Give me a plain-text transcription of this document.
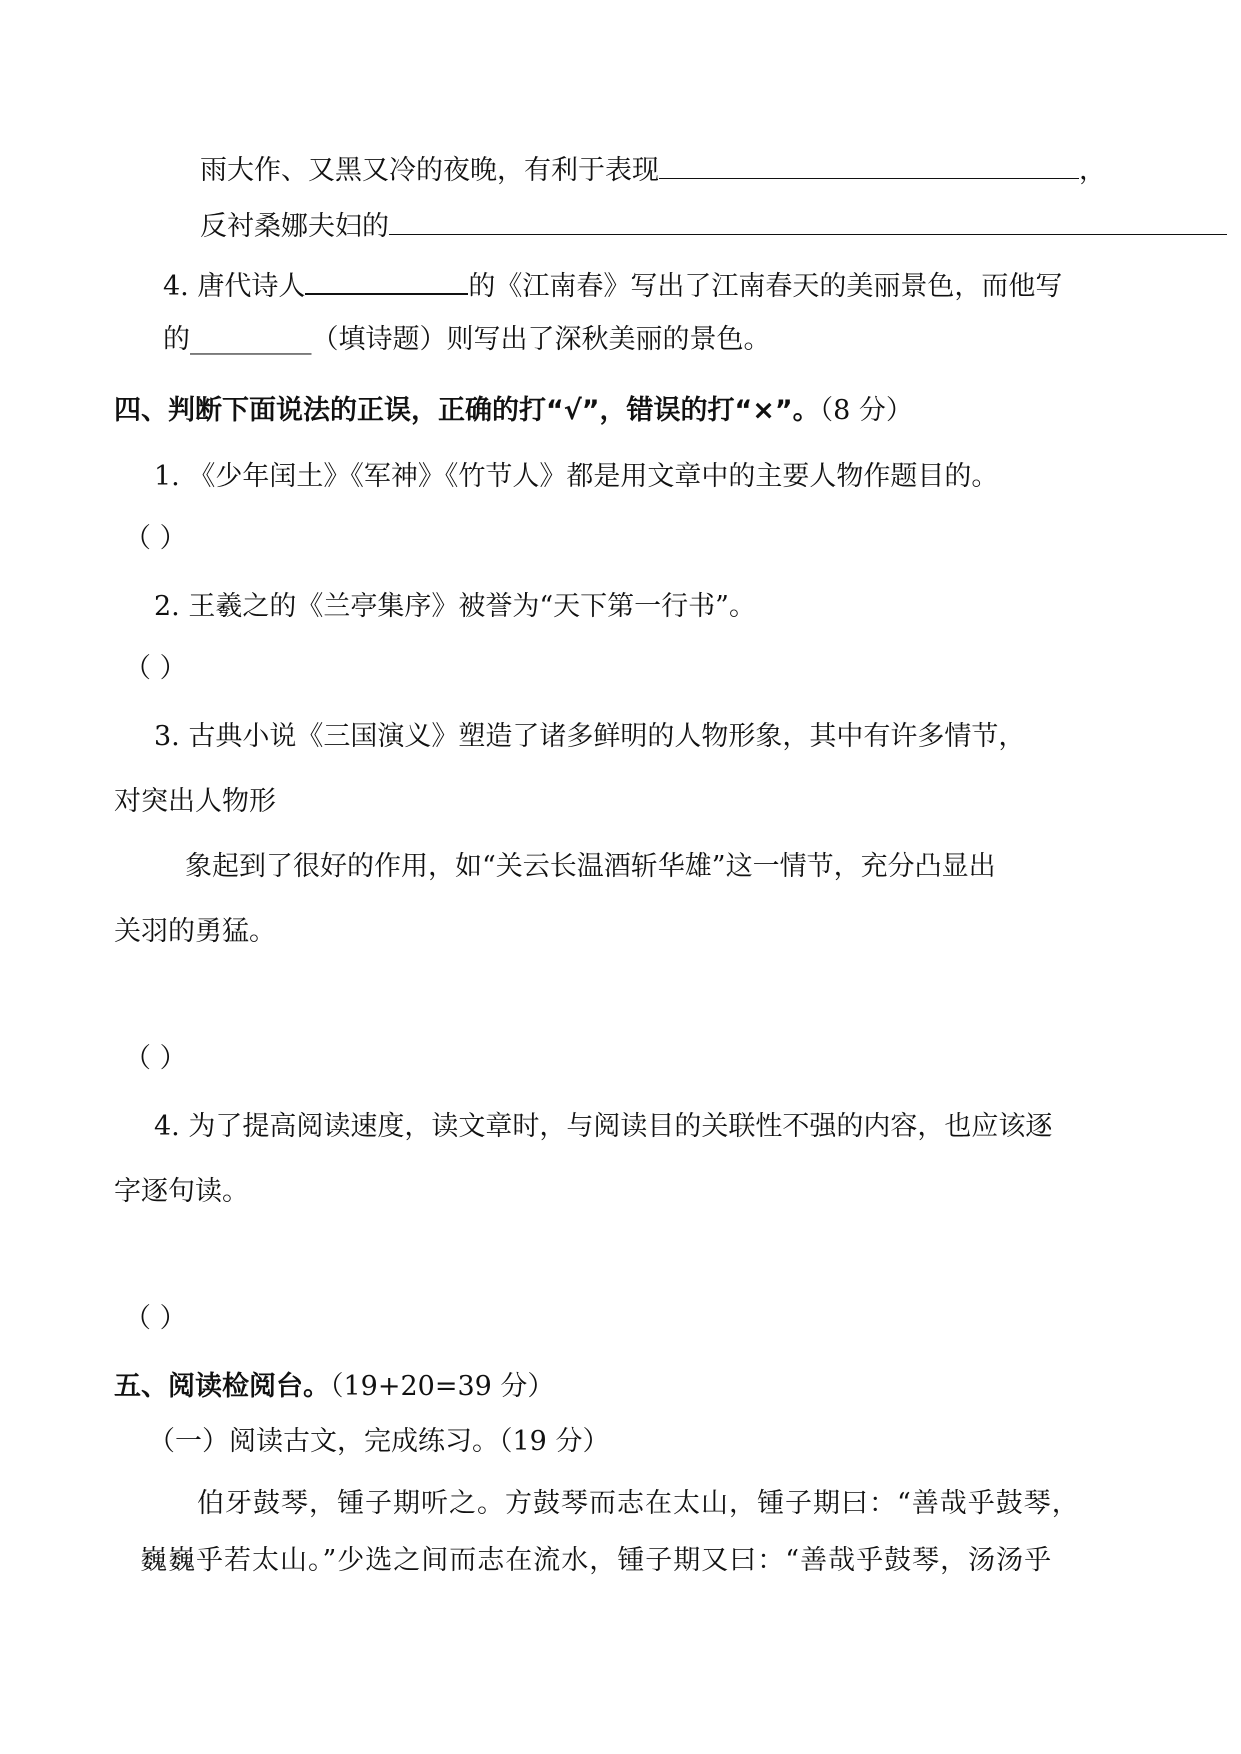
雨大作、又黑又冷的夜晚，有利于表现	，
反衬桑娜夫妇的
4. 唐代诗人	的《江南春》写出了江南春天的美丽景色，而他写
的_________（填诗题）则写出了深秋美丽的景色。
四、判断下面说法的正误，正确的打“√”，错误的打“×”。（8 分）
1. 《少年闰土》《军神》《竹节人》都是用文章中的主要人物作题目的。
（ ）
2. 王羲之的《兰亭集序》被誉为“天下第一行书”。
（ ）
3. 古典小说《三国演义》塑造了诸多鲜明的人物形象，其中有许多情节，
对突出人物形
象起到了很好的作用，如“关云长温酒斩华雄”这一情节，充分凸显出
关羽的勇猛。
（ ）
4. 为了提高阅读速度，读文章时，与阅读目的关联性不强的内容，也应该逐
字逐句读。
（ ）
五、阅读检阅台。（19+20=39 分）
（一）阅读古文，完成练习。（19 分）
伯牙鼓琴，锺子期听之。方鼓琴而志在太山，锺子期曰：“善哉乎鼓琴，
巍巍乎若太山。”少选之间而志在流水，锺子期又曰：“善哉乎鼓琴，汤汤乎
